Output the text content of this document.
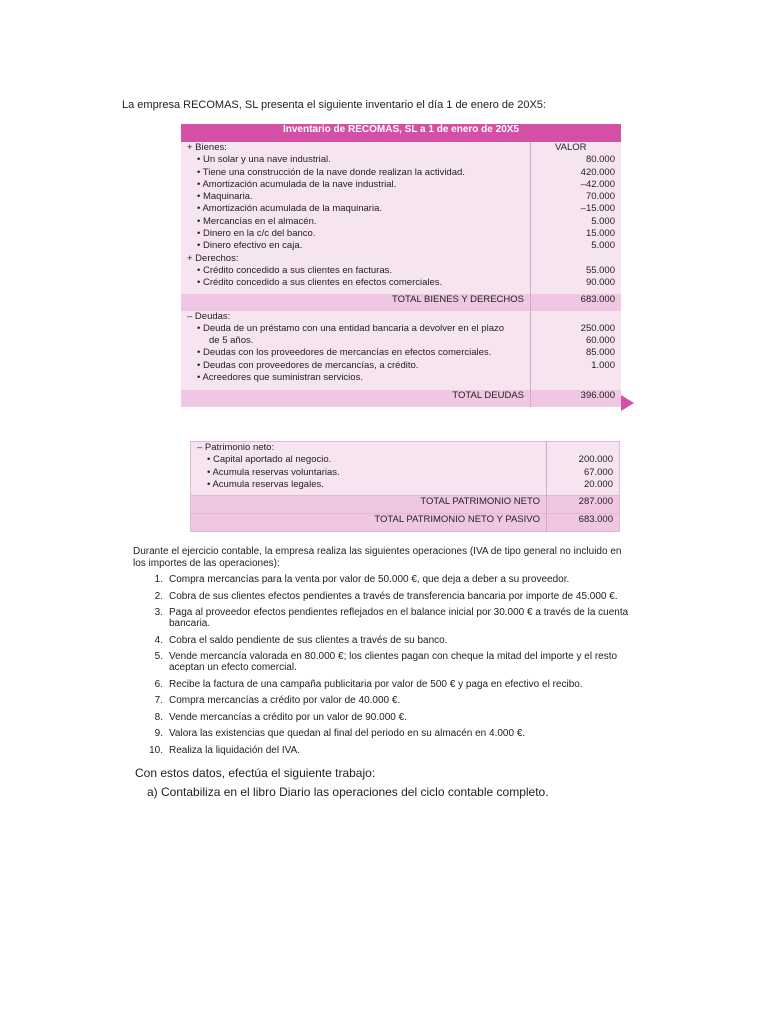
La empresa RECOMAS, SL presenta el siguiente inventario el día 1 de enero de 20X5:
Inventario de RECOMAS, SL a 1 de enero de 20X5	
+ Bienes:	VALOR
• Un solar y una nave industrial.	80.000
• Tiene una construcción de la nave donde realizan la actividad.	420.000
• Amortización acumulada de la nave industrial.	–42.000
• Maquinaria.	70.000
• Amortización acumulada de la maquinaria.	–15.000
• Mercancías en el almacén.	5.000
• Dinero en la c/c del banco.	15.000
• Dinero efectivo en caja.	5.000
+ Derechos:	
• Crédito concedido a sus clientes en facturas.	55.000
• Crédito concedido a sus clientes en efectos comerciales.	90.000

TOTAL BIENES Y DERECHOS	683.000
– Deudas:	
• Deuda de un préstamo con una entidad bancaria a devolver en el plazo	250.000
de 5 años.	60.000
• Deudas con los proveedores de mercancías en efectos comerciales.	85.000
• Deudas con proveedores de mercancías, a crédito.	1.000
• Acreedores que suministran servicios.	

TOTAL DEUDAS	396.000
– Patrimonio neto:	
• Capital aportado al negocio.	200.000
• Acumula reservas voluntarias.	67.000
• Acumula reservas legales.	20.000

TOTAL PATRIMONIO NETO	287.000
TOTAL PATRIMONIO NETO Y PASIVO	683.000
Durante el ejercicio contable, la empresa realiza las siguientes operaciones (IVA de tipo general no incluido en los importes de las operaciones):
1. Compra mercancías para la venta por valor de 50.000 €, que deja a deber a su proveedor.
2. Cobra de sus clientes efectos pendientes a través de transferencia bancaria por importe de 45.000 €.
3. Paga al proveedor efectos pendientes reflejados en el balance inicial por 30.000 € a través de la cuenta bancaria.
4. Cobra el saldo pendiente de sus clientes a través de su banco.
5. Vende mercancía valorada en 80.000 €; los clientes pagan con cheque la mitad del importe y el resto aceptan un efecto comercial.
6. Recibe la factura de una campaña publicitaria por valor de 500 € y paga en efectivo el recibo.
7. Compra mercancías a crédito por valor de 40.000 €.
8. Vende mercancías a crédito por un valor de 90.000 €.
9. Valora las existencias que quedan al final del periodo en su almacén en 4.000 €.
10. Realiza la liquidación del IVA.
Con estos datos, efectúa el siguiente trabajo:
a) Contabiliza en el libro Diario las operaciones del ciclo contable completo.
